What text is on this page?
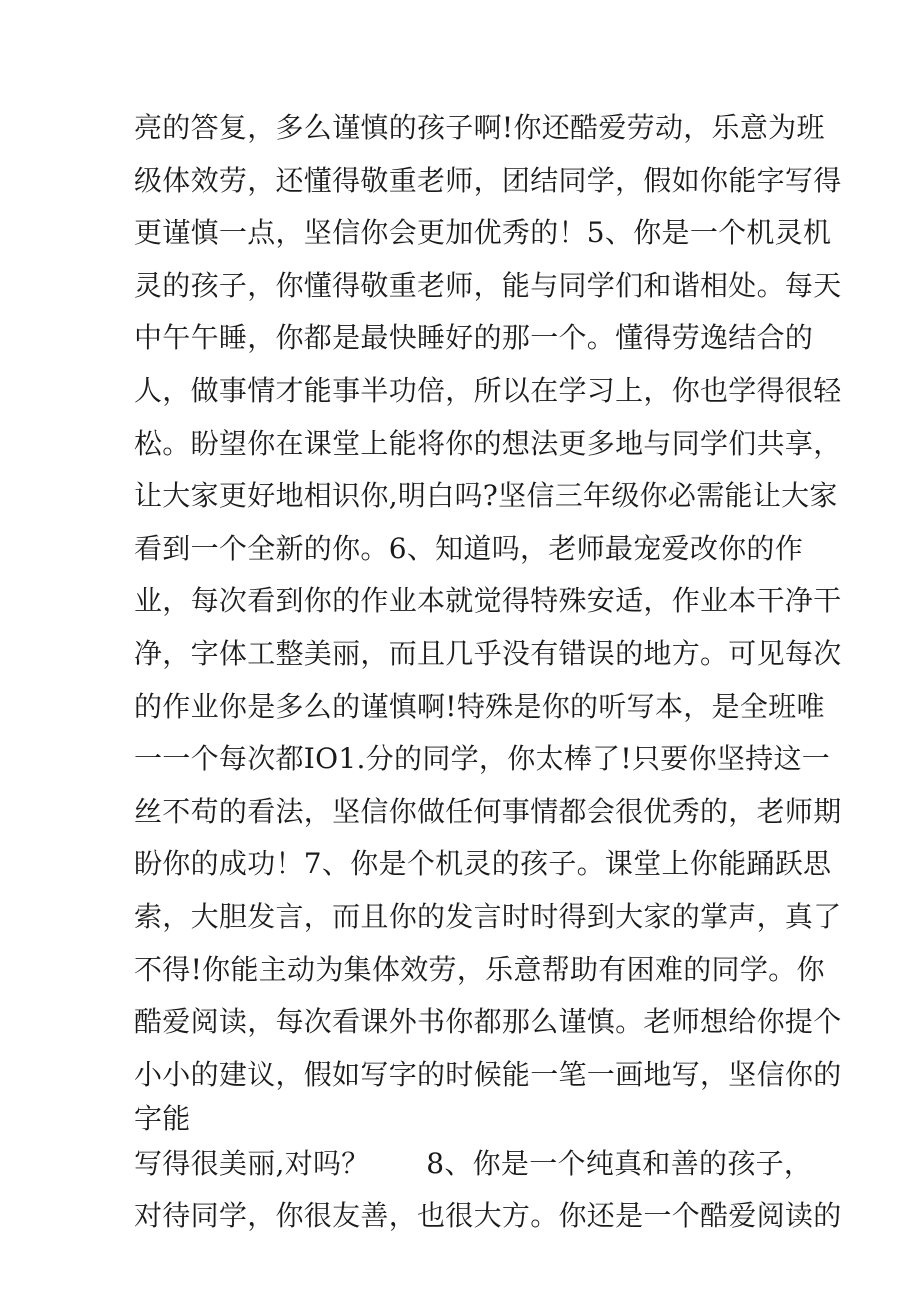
亮的答复，多么谨慎的孩子啊!你还酷爱劳动，乐意为班
级体效劳，还懂得敬重老师，团结同学，假如你能字写得
更谨慎一点，坚信你会更加优秀的！5、你是一个机灵机
灵的孩子，你懂得敬重老师，能与同学们和谐相处。每天
中午午睡，你都是最快睡好的那一个。懂得劳逸结合的
人，做事情才能事半功倍，所以在学习上，你也学得很轻
松。盼望你在课堂上能将你的想法更多地与同学们共享，
让大家更好地相识你,明白吗?坚信三年级你必需能让大家
看到一个全新的你。6、知道吗，老师最宠爱改你的作
业，每次看到你的作业本就觉得特殊安适，作业本干净干
净，字体工整美丽，而且几乎没有错误的地方。可见每次
的作业你是多么的谨慎啊!特殊是你的听写本，是全班唯
一一个每次都IO1.分的同学，你太棒了!只要你坚持这一
丝不苟的看法，坚信你做任何事情都会很优秀的，老师期
盼你的成功！7、你是个机灵的孩子。课堂上你能踊跃思
索，大胆发言，而且你的发言时时得到大家的掌声，真了
不得!你能主动为集体效劳，乐意帮助有困难的同学。你
酷爱阅读，每次看课外书你都那么谨慎。老师想给你提个
小小的建议，假如写字的时候能一笔一画地写，坚信你的
字能
写得很美丽,对吗？　　8、你是一个纯真和善的孩子，
对待同学，你很友善，也很大方。你还是一个酷爱阅读的
